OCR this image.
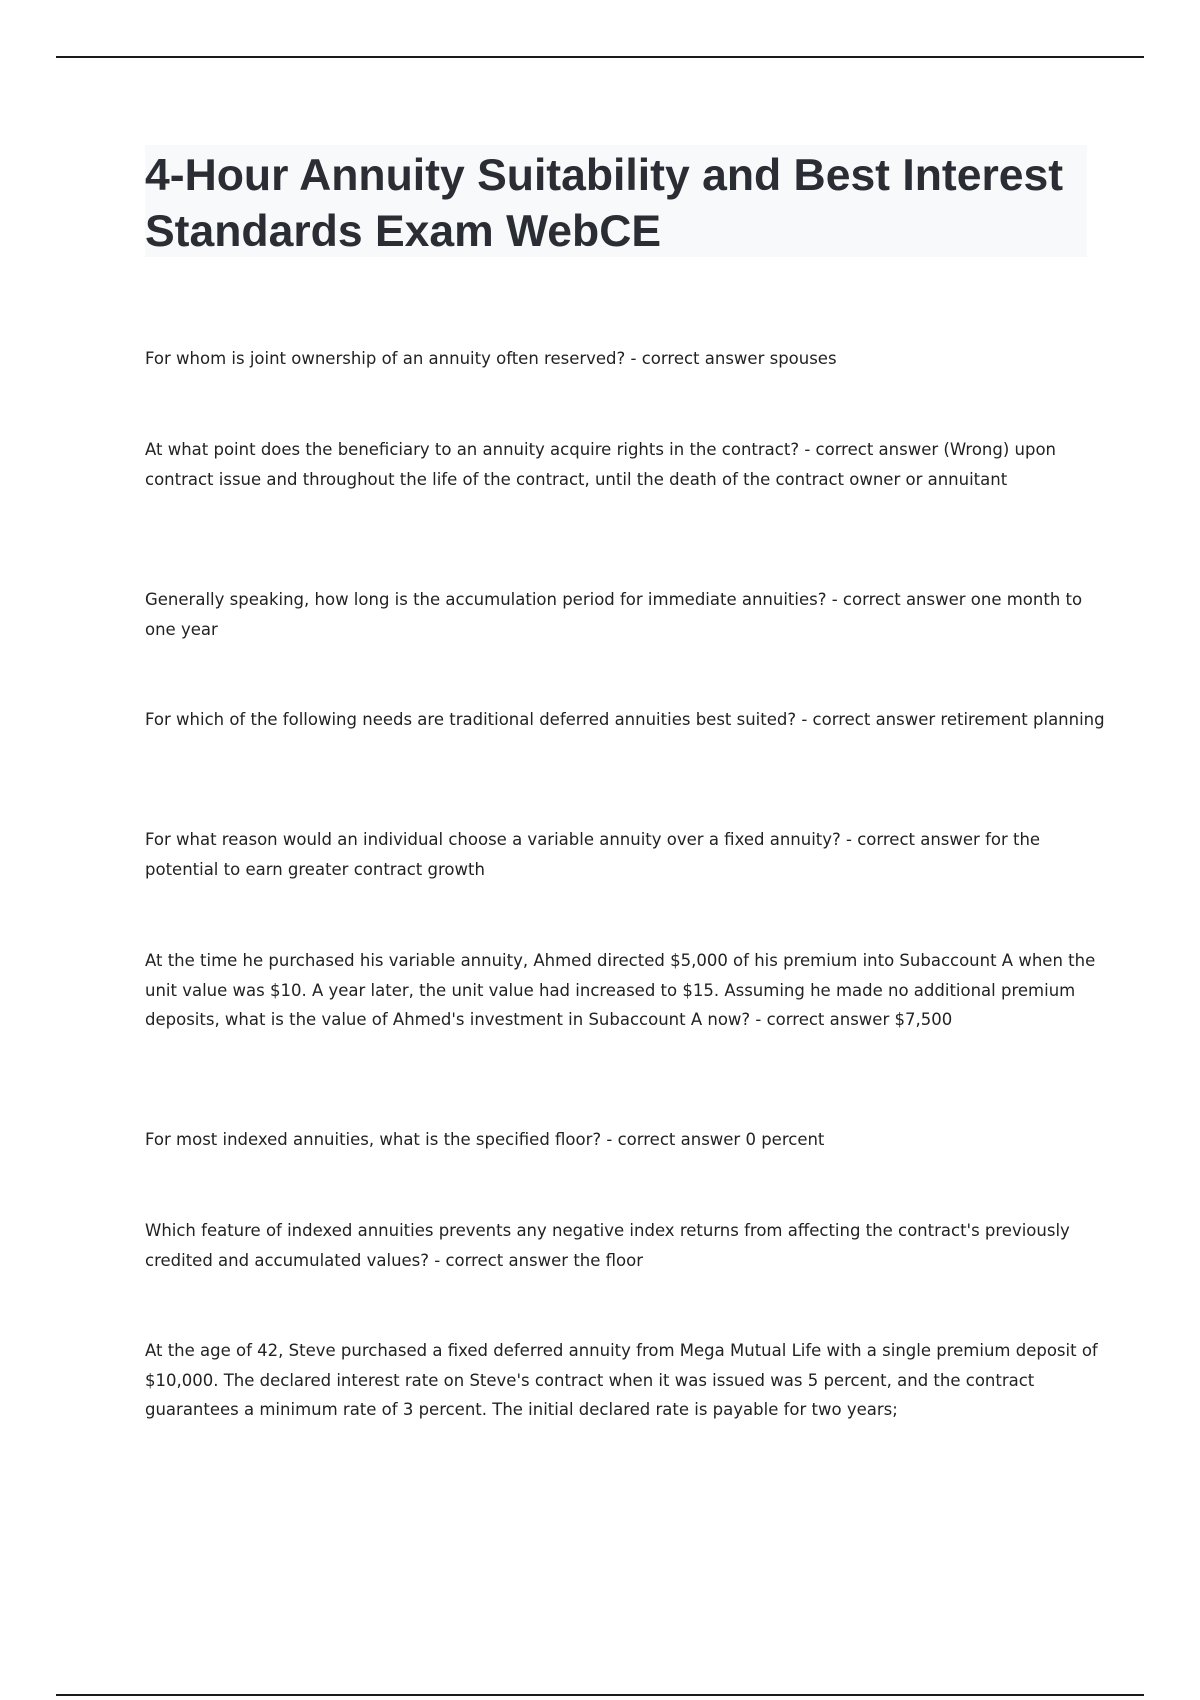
4-Hour Annuity Suitability and Best Interest Standards Exam WebCE

For whom is joint ownership of an annuity often reserved? - correct answer spouses

At what point does the beneficiary to an annuity acquire rights in the contract? - correct answer (Wrong) upon contract issue and throughout the life of the contract, until the death of the contract owner or annuitant

Generally speaking, how long is the accumulation period for immediate annuities? - correct answer one month to one year

For which of the following needs are traditional deferred annuities best suited? - correct answer retirement planning

For what reason would an individual choose a variable annuity over a fixed annuity? - correct answer for the potential to earn greater contract growth

At the time he purchased his variable annuity, Ahmed directed $5,000 of his premium into Subaccount A when the unit value was $10. A year later, the unit value had increased to $15. Assuming he made no additional premium deposits, what is the value of Ahmed's investment in Subaccount A now? - correct answer $7,500

For most indexed annuities, what is the specified floor? - correct answer 0 percent

Which feature of indexed annuities prevents any negative index returns from affecting the contract's previously credited and accumulated values? - correct answer the floor

At the age of 42, Steve purchased a fixed deferred annuity from Mega Mutual Life with a single premium deposit of $10,000. The declared interest rate on Steve's contract when it was issued was 5 percent, and the contract guarantees a minimum rate of 3 percent. The initial declared rate is payable for two years;
